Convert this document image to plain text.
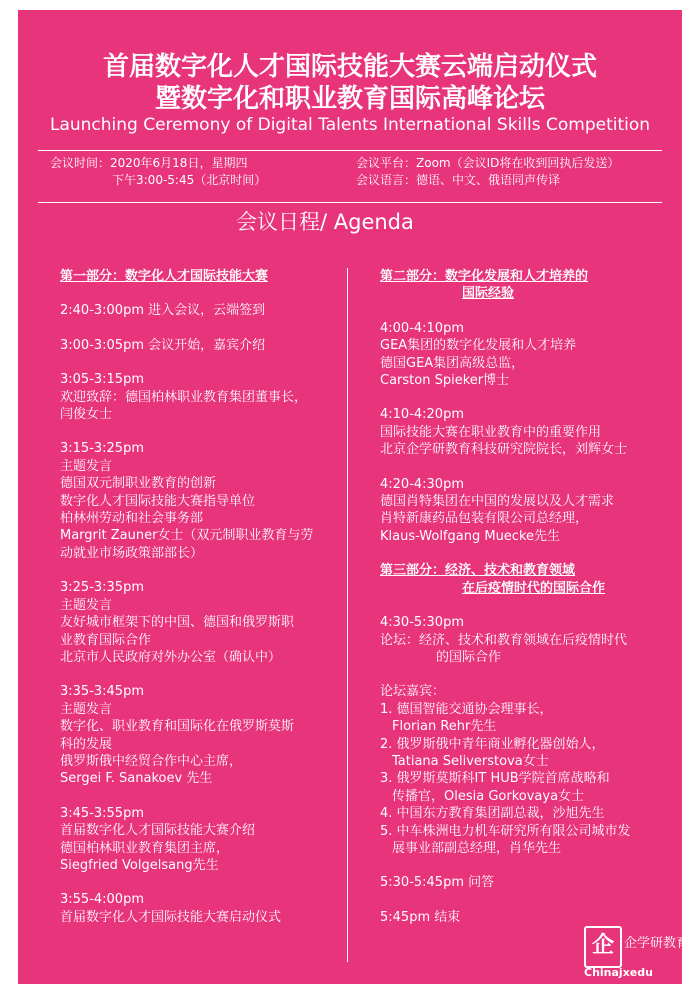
首届数字化人才国际技能大赛云端启动仪式
暨数字化和职业教育国际高峰论坛
Launching Ceremony of Digital Talents International Skills Competition
会议时间：2020年6月18日，星期四
下午3:00-5:45（北京时间）
会议平台：Zoom（会议ID将在收到回执后发送）
会议语言：德语、中文、俄语同声传译
会议日程/ Agenda
第一部分：数字化人才国际技能大赛
2:40-3:00pm 进入会议，云端签到
3:00-3:05pm 会议开始，嘉宾介绍
3:05-3:15pm
欢迎致辞：德国柏林职业教育集团董事长，
闫俊女士
3:15-3:25pm
主题发言
德国双元制职业教育的创新
数字化人才国际技能大赛指导单位
柏林州劳动和社会事务部
Margrit Zauner女士（双元制职业教育与劳
动就业市场政策部部长）
3:25-3:35pm
主题发言
友好城市框架下的中国、德国和俄罗斯职
业教育国际合作
北京市人民政府对外办公室（确认中）
3:35-3:45pm
主题发言
数字化、职业教育和国际化在俄罗斯莫斯
科的发展
俄罗斯俄中经贸合作中心主席，
Sergei F. Sanakoev 先生
3:45-3:55pm
首届数字化人才国际技能大赛介绍
德国柏林职业教育集团主席，
Siegfried Volgelsang先生
3:55-4:00pm
首届数字化人才国际技能大赛启动仪式
第二部分：数字化发展和人才培养的
国际经验
4:00-4:10pm
GEA集团的数字化发展和人才培养
德国GEA集团高级总监，
Carston Spieker博士
4:10-4:20pm
国际技能大赛在职业教育中的重要作用
北京企学研教育科技研究院院长，刘辉女士
4:20-4:30pm
德国肖特集团在中国的发展以及人才需求
肖特新康药品包装有限公司总经理，
Klaus-Wolfgang Muecke先生
第三部分：经济、技术和教育领域
在后疫情时代的国际合作
4:30-5:30pm
论坛：经济、技术和教育领域在后疫情时代
的国际合作
论坛嘉宾：
1. 德国智能交通协会理事长，
Florian Rehr先生
2. 俄罗斯俄中青年商业孵化器创始人，
Tatiana Seliverstova女士
3. 俄罗斯莫斯科IT HUB学院首席战略和
传播官，Olesia Gorkovaya女士
4. 中国东方教育集团副总裁，沙旭先生
5. 中车株洲电力机车研究所有限公司城市发
展事业部副总经理，肖华先生
5:30-5:45pm 问答
5:45pm 结束
企 企学研教育
Chinajxedu
